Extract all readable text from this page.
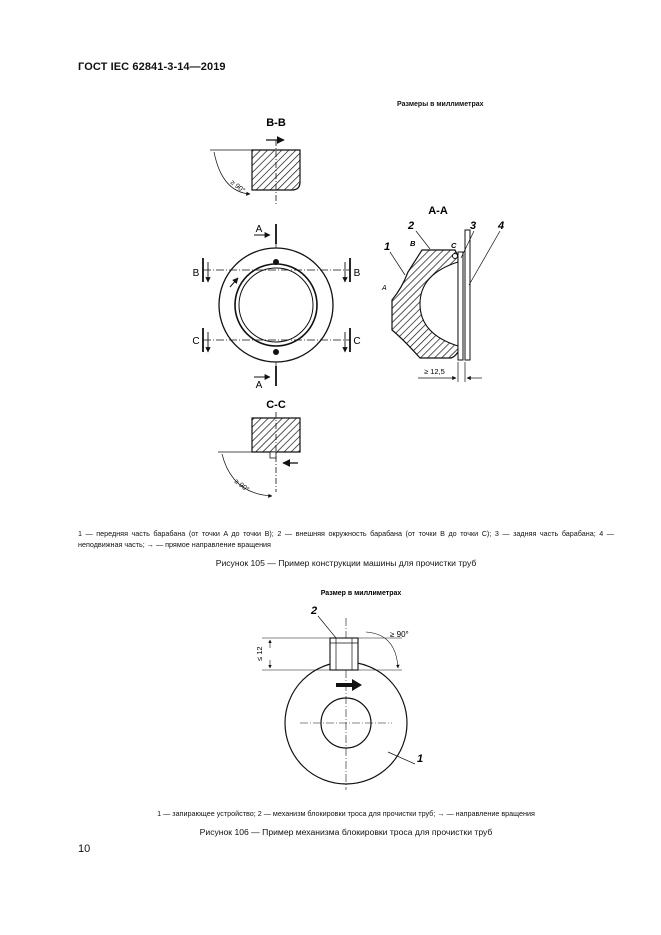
ГОСТ IEC 62841-3-14—2019
Размеры в миллиметрах
В-В
≥ 90°
А
А
В	В
С	С
С-С
≥ 90°
А-А
1
2	3 4
A
B	C
≥ 12,5
Размер в миллиметрах
≤ 12
≥ 90°
2
1
1 — передняя часть барабана (от точки A до точки B); 2 — внешняя окружность барабана (от точки B до точки C); 3 — задняя часть барабана; 4 — неподвижная часть; → — прямое направление вращения
Рисунок 105 — Пример конструкции машины для прочистки труб
1 — запирающее устройство; 2 — механизм блокировки троса для прочистки труб; → — направление вращения
Рисунок 106 — Пример механизма блокировки троса для прочистки труб
10
